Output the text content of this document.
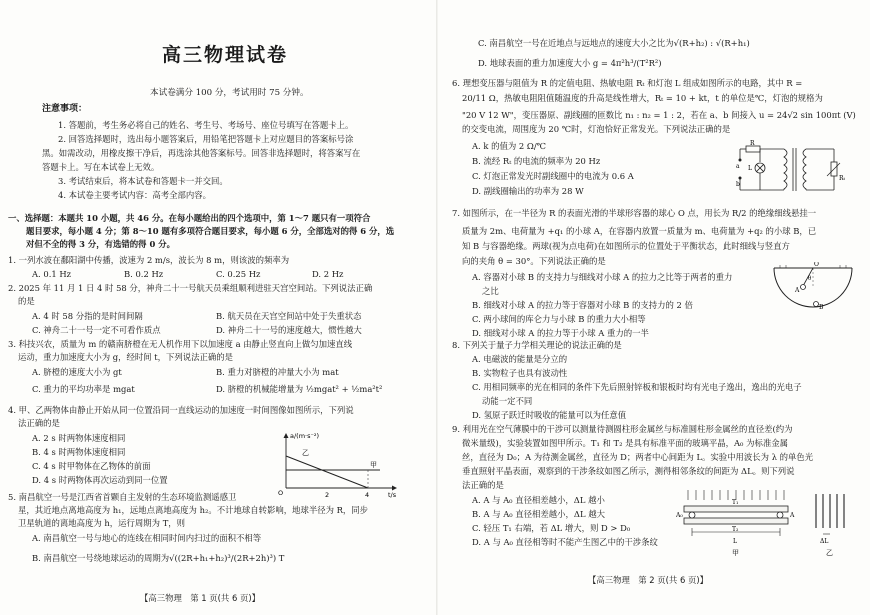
高三物理试卷
本试卷满分 100 分，考试用时 75 分钟。
注意事项：
1. 答题前，考生务必将自己的姓名、考生号、考场号、座位号填写在答题卡上。
2. 回答选择题时，选出每小题答案后，用铅笔把答题卡上对应题目的答案标号涂
黑。如需改动，用橡皮擦干净后，再选涂其他答案标号。回答非选择题时，将答案写在
答题卡上。写在本试卷上无效。
3. 考试结束后，将本试卷和答题卡一并交回。
4. 本试卷主要考试内容：高考全部内容。
一、选择题：本题共 10 小题，共 46 分。在每小题给出的四个选项中，第 1～7 题只有一项符合
题目要求，每小题 4 分；第 8～10 题有多项符合题目要求，每小题 6 分，全部选对的得 6 分，选
对但不全的得 3 分，有选错的得 0 分。
1. 一列水波在鄱阳湖中传播，波速为 2 m/s，波长为 8 m，则该波的频率为
A. 0.1 Hz	B. 0.2 Hz	C. 0.25 Hz	D. 2 Hz
2. 2025 年 11 月 1 日 4 时 58 分，神舟二十一号航天员乘组顺利进驻天宫空间站。下列说法正确
的是
A. 4 时 58 分指的是时间间隔	B. 航天员在天宫空间站中处于失重状态
C. 神舟二十一号一定不可看作质点	D. 神舟二十一号的速度越大，惯性越大
3. 科技兴农，质量为 m 的赣南脐橙在无人机作用下以加速度 a 由静止竖直向上做匀加速直线
运动，重力加速度大小为 g，经时间 t，下列说法正确的是
A. 脐橙的速度大小为 gt	B. 重力对脐橙的冲量大小为 mat
C. 重力的平均功率是 mgat	D. 脐橙的机械能增量为 ½mgat² + ½ma²t²
4. 甲、乙两物体由静止开始从同一位置沿同一直线运动的加速度一时间图像如图所示，下列说
法正确的是
A. 2 s 时两物体速度相同
B. 4 s 时两物体速度相同
C. 4 s 时甲物体在乙物体的前面
D. 4 s 时两物体再次运动到同一位置
a/(m·s⁻²)
t/s
O	2	4
乙
甲
5. 南昌航空一号是江西省首颗自主发射的生态环境监测遥感卫
星，其近地点离地高度为 h₁，远地点离地高度为 h₂。不计地球自转影响，地球半径为 R，同步
卫星轨道的离地高度为 h，运行周期为 T，则
A. 南昌航空一号与地心的连线在相同时间内扫过的面积不相等
B. 南昌航空一号绕地球运动的周期为√((2R+h₁+h₂)³/(2R+2h)³) T
【高三物理　第 1 页(共 6 页)】
C. 南昌航空一号在近地点与远地点的速度大小之比为√(R+h₂) : √(R+h₁)
D. 地球表面的重力加速度大小 g = 4π²h³/(T²R²)
6. 理想变压器与阻值为 R 的定值电阻、热敏电阻 Rₜ 和灯泡 L 组成如图所示的电路，其中 R =
20/11 Ω，热敏电阻阻值随温度的升高是线性增大，Rₜ = 10 + kt，t 的单位是℃，灯泡的规格为
"20 V 12 W"，变压器原、副线圈的匝数比 n₁ : n₂ = 1 : 2，若在 a、b 间接入 u = 24√2 sin 100πt (V)
的交变电流，周围度为 20 ℃时，灯泡恰好正常发光。下列说法正确的是
A. k 的值为 2 Ω/℃
B. 流经 Rₜ 的电流的频率为 20 Hz
C. 灯泡正常发光时副线圈中的电流为 0.6 A
D. 副线圈输出的功率为 28 W
R
a
b
L
Rₜ
7. 如图所示，在一半径为 R 的表面光滑的半球形容器的球心 O 点，用长为 R/2 的绝缘细线悬挂一
质量为 2m、电荷量为 +q₁ 的小球 A，在容器内放置一质量为 m、电荷量为 +q₂ 的小球 B，已
知 B 与容器绝缘。两球(视为点电荷)在如图所示的位置处于平衡状态，此时细线与竖直方
向的夹角 θ = 30°。下列说法正确的是
A. 容器对小球 B 的支持力与细线对小球 A 的拉力之比等于两者的重力
之比
B. 细线对小球 A 的拉力等于容器对小球 B 的支持力的 2 倍
C. 两小球间的库仑力与小球 B 的重力大小相等
D. 细线对小球 A 的拉力等于小球 A 重力的一半
O
θ
A
B
8. 下列关于量子力学相关理论的说法正确的是
A. 电磁波的能量是分立的
B. 实物粒子也具有波动性
C. 用相同频率的光在相同的条件下先后照射锌板和银板时均有光电子逸出，逸出的光电子
动能一定不同
D. 氢原子跃迁时吸收的能量可以为任意值
9. 利用光在空气薄膜中的干涉可以测量待测圆柱形金属丝与标准圆柱形金属丝的直径差(约为
微米量级)，实验装置如图甲所示。T₁ 和 T₂ 是具有标准平面的玻璃平晶，A₀ 为标准金属
丝，直径为 D₀；A 为待测金属丝，直径为 D；两者中心间距为 L。实验中用波长为 λ 的单色光
垂直照射平晶表面，观察到的干涉条纹如图乙所示，测得相邻条纹的间距为 ΔL。则下列说
法正确的是
A. A 与 A₀ 直径相差越小，ΔL 越小
B. A 与 A₀ 直径相差越小，ΔL 越大
C. 轻压 T₁ 右端，若 ΔL 增大，则 D > D₀
D. A 与 A₀ 直径相等时不能产生图乙中的干涉条纹
T₁
T₂
A₀	A
L	ΔL
甲	乙
【高三物理　第 2 页(共 6 页)】
